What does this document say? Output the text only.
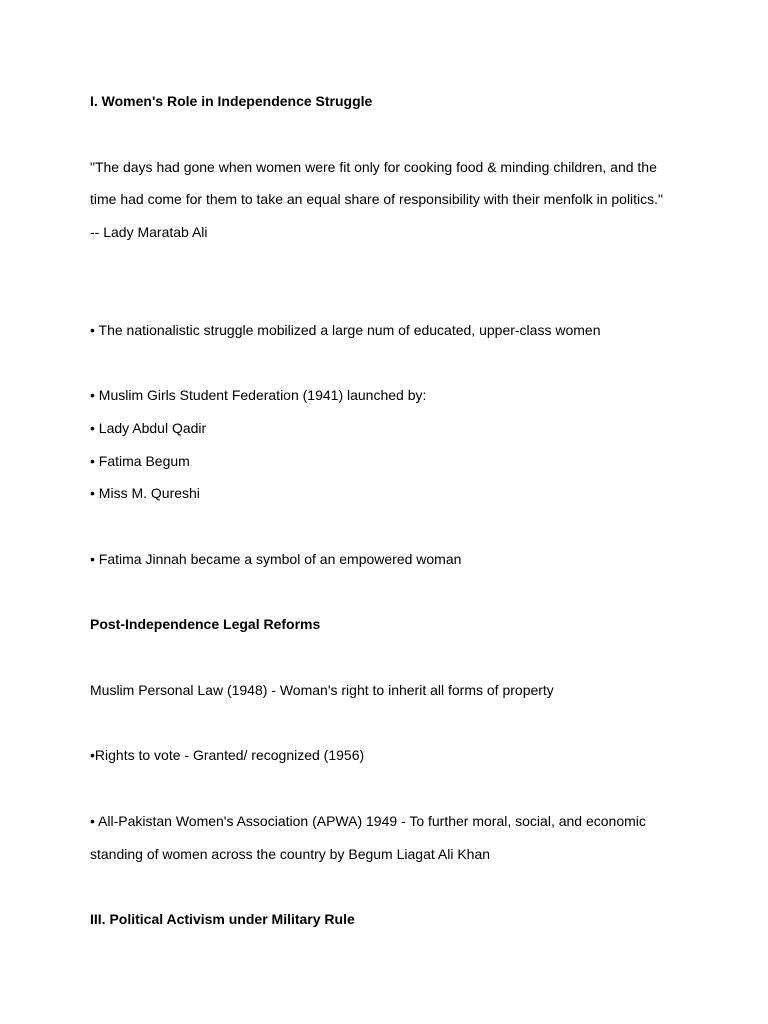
I. Women's Role in Independence Struggle
"The days had gone when women were fit only for cooking food & minding children, and the
time had come for them to take an equal share of responsibility with their menfolk in politics."
-- Lady Maratab Ali
• The nationalistic struggle mobilized a large num of educated, upper-class women
• Muslim Girls Student Federation (1941) launched by:
• Lady Abdul Qadir
• Fatima Begum
• Miss M. Qureshi
• Fatima Jinnah became a symbol of an empowered woman
Post-Independence Legal Reforms
Muslim Personal Law (1948) - Woman's right to inherit all forms of property
•Rights to vote - Granted/ recognized (1956)
• All-Pakistan Women's Association (APWA) 1949 - To further moral, social, and economic
standing of women across the country by Begum Liagat Ali Khan
III. Political Activism under Military Rule
